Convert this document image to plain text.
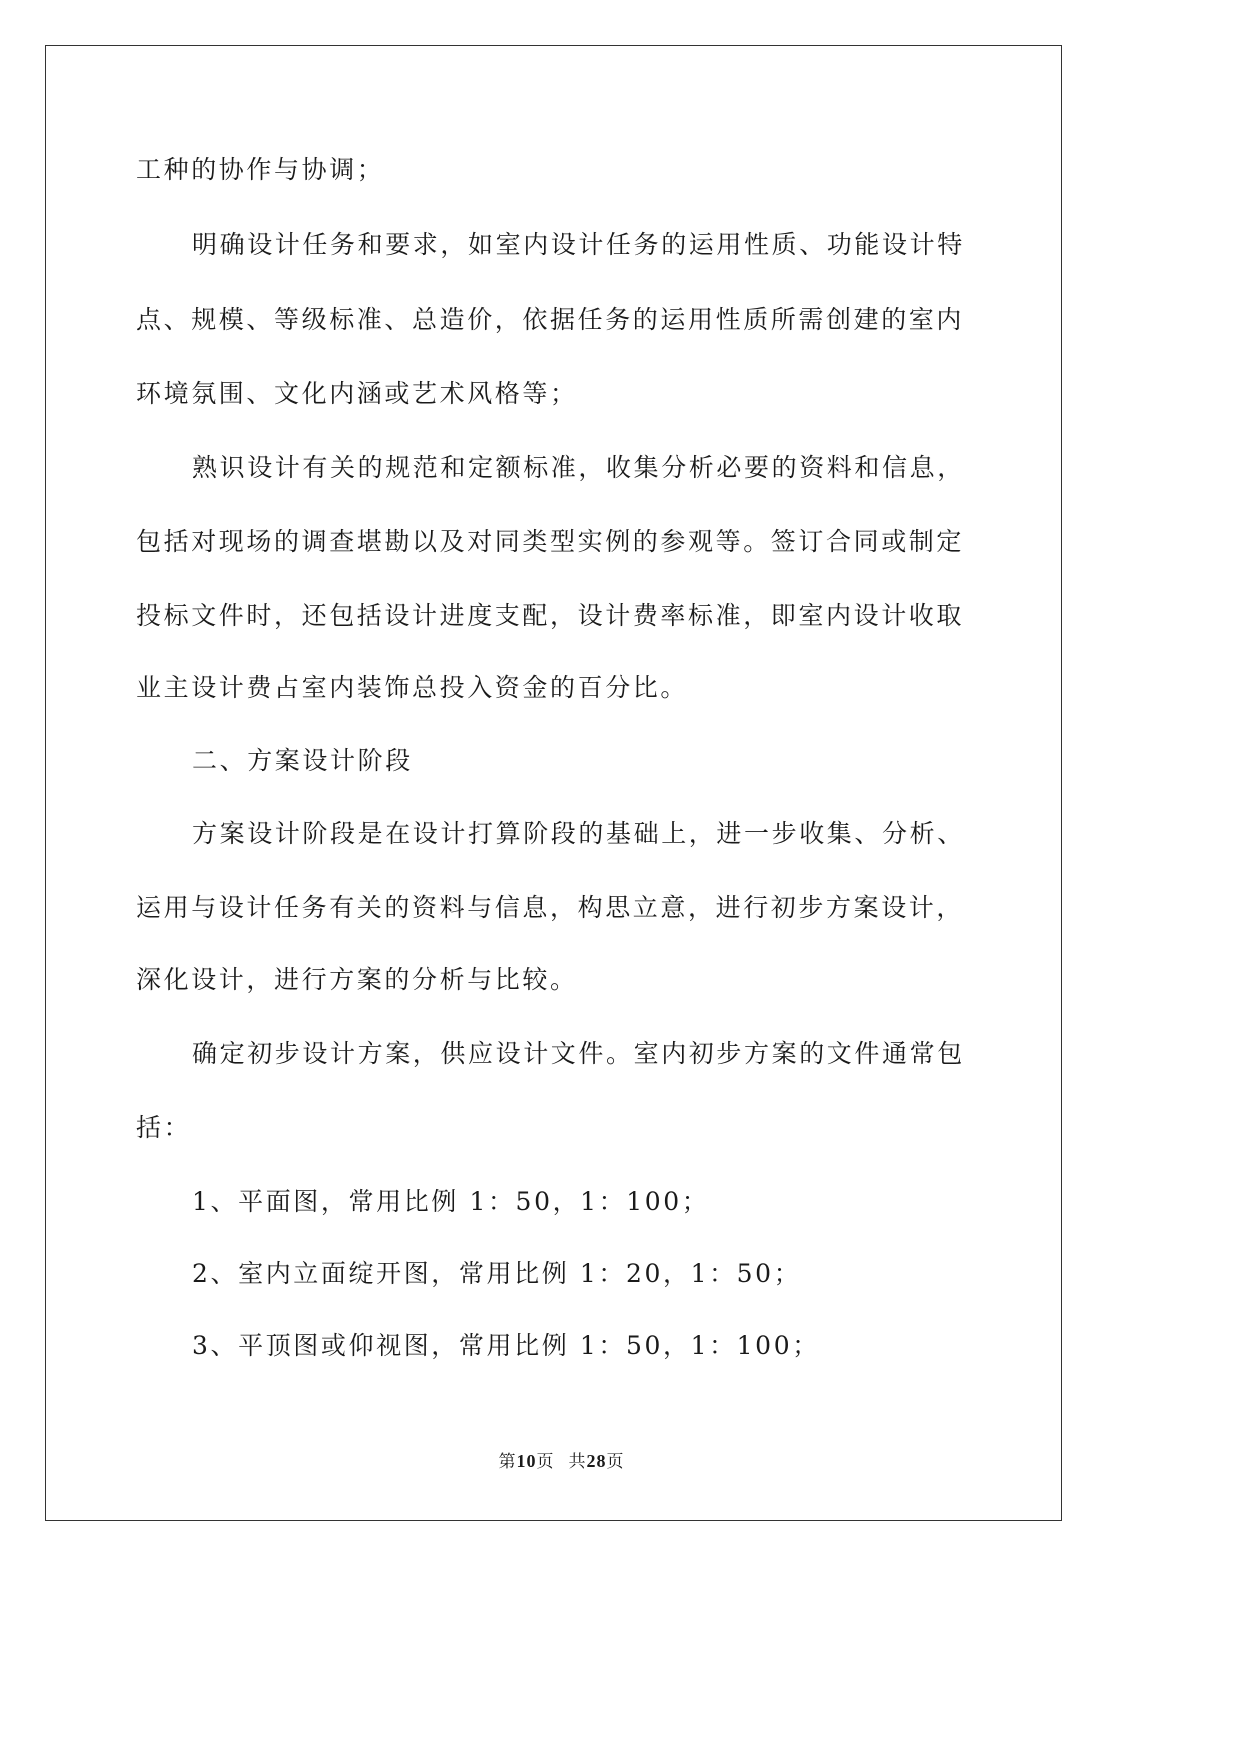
工种的协作与协调；
明确设计任务和要求，如室内设计任务的运用性质、功能设计特
点、规模、等级标准、总造价，依据任务的运用性质所需创建的室内
环境氛围、文化内涵或艺术风格等；
熟识设计有关的规范和定额标准，收集分析必要的资料和信息，
包括对现场的调查堪勘以及对同类型实例的参观等。签订合同或制定
投标文件时，还包括设计进度支配，设计费率标准，即室内设计收取
业主设计费占室内装饰总投入资金的百分比。
二、方案设计阶段
方案设计阶段是在设计打算阶段的基础上，进一步收集、分析、
运用与设计任务有关的资料与信息，构思立意，进行初步方案设计，
深化设计，进行方案的分析与比较。
确定初步设计方案，供应设计文件。室内初步方案的文件通常包
括：
1、平面图，常用比例 1：50，1：100；
2、室内立面绽开图，常用比例 1：20，1：50；
3、平顶图或仰视图，常用比例 1：50，1：100；
第10页 共28页
